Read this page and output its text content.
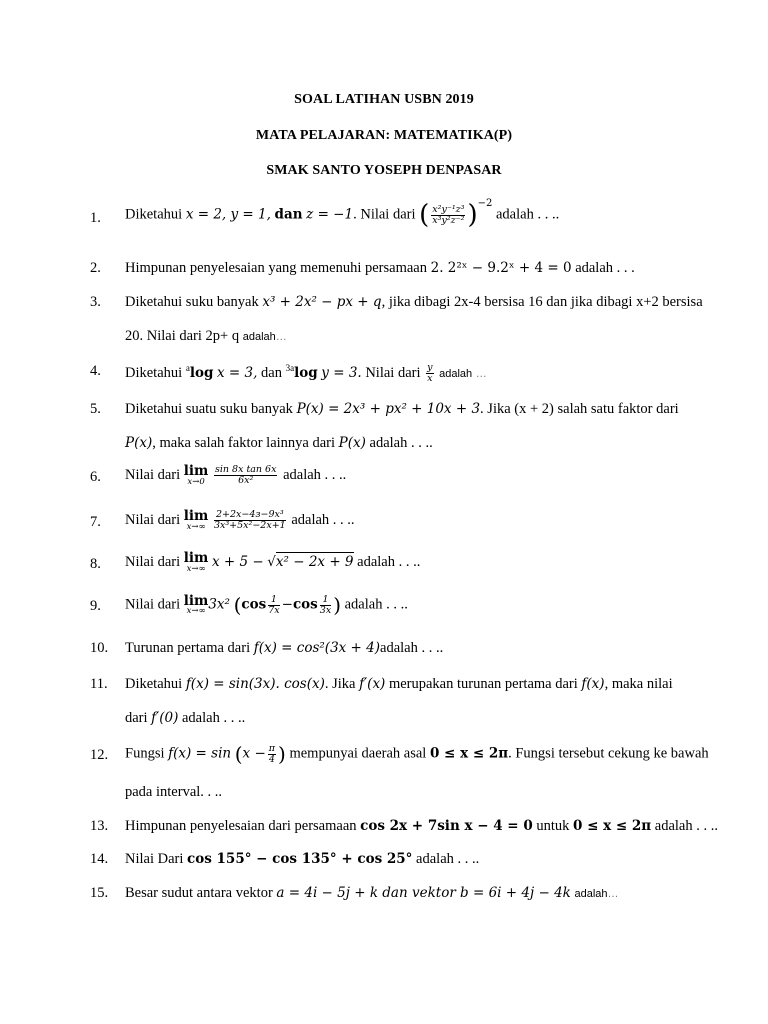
SOAL LATIHAN USBN 2019
MATA PELAJARAN: MATEMATIKA(P)
SMAK SANTO YOSEPH DENPASAR
1. Diketahui x = 2, y = 1, dan z = −1. Nilai dari ( $\frac{\text{x²y⁻¹z³}}{\text{x³y²z⁻²}} )^{-2}$ adalah . . ..
2. Himpunan penyelesaian yang memenuhi persamaan 2. 2²ˣ − 9.2ˣ + 4 = 0 adalah . . .
3. Diketahui suku banyak x³ + 2x² − px + q, jika dibagi 2x-4 bersisa 16 dan jika dibagi x+2 bersisa
20. Nilai dari 2p+ q adalah…
4. Diketahui $^a$log x = 3, dan $^{3a}$log y = 3. Nilai dari $\frac{y}{x}$ adalah …
5. Diketahui suatu suku banyak P(x) = 2x³ + px² + 10x + 3. Jika (x + 2) salah satu faktor dari
P(x), maka salah faktor lainnya dari P(x) adalah . . ..
6. Nilai dari lim
x→0
$\frac{\text{sin 8x tan 6x}}{\text{6x²}}$ adalah . . ..
7. Nilai dari lim
x→∞
$\frac{\text{2+2x−4з−9x³}}{\text{3x³+5x²−2x+1}}$ adalah . . ..
8. Nilai dari lim
x→∞ x + 5 − √x² − 2x + 9 adalah . . ..
9. Nilai dari lim
x→∞ 3x² ($\cos \frac{1}{7x} -\cos \frac{1}{3x}$ ) adalah . . ..
10. Turunan pertama dari f(x) = cos²(3x + 4)adalah . . ..
11. Diketahui f(x) = sin(3x). cos(x). Jika f′(x) merupakan turunan pertama dari f(x), maka nilai
dari f′(0) adalah . . ..
12. Fungsi $f(x) = \sin (x - \frac{\pi}{4}$ ) mempunyai daerah asal 0 ≤ x ≤ 2π. Fungsi tersebut cekung ke bawah
pada interval. . ..
13. Himpunan penyelesaian dari persamaan cos 2x + 7sin x − 4 = 0 untuk 0 ≤ x ≤ 2π adalah . . ..
14. Nilai Dari cos 155° − cos 135° + cos 25° adalah . . ..
15. Besar sudut antara vektor a = 4i − 5j + k dan vektor b = 6i + 4j − 4k adalah…
